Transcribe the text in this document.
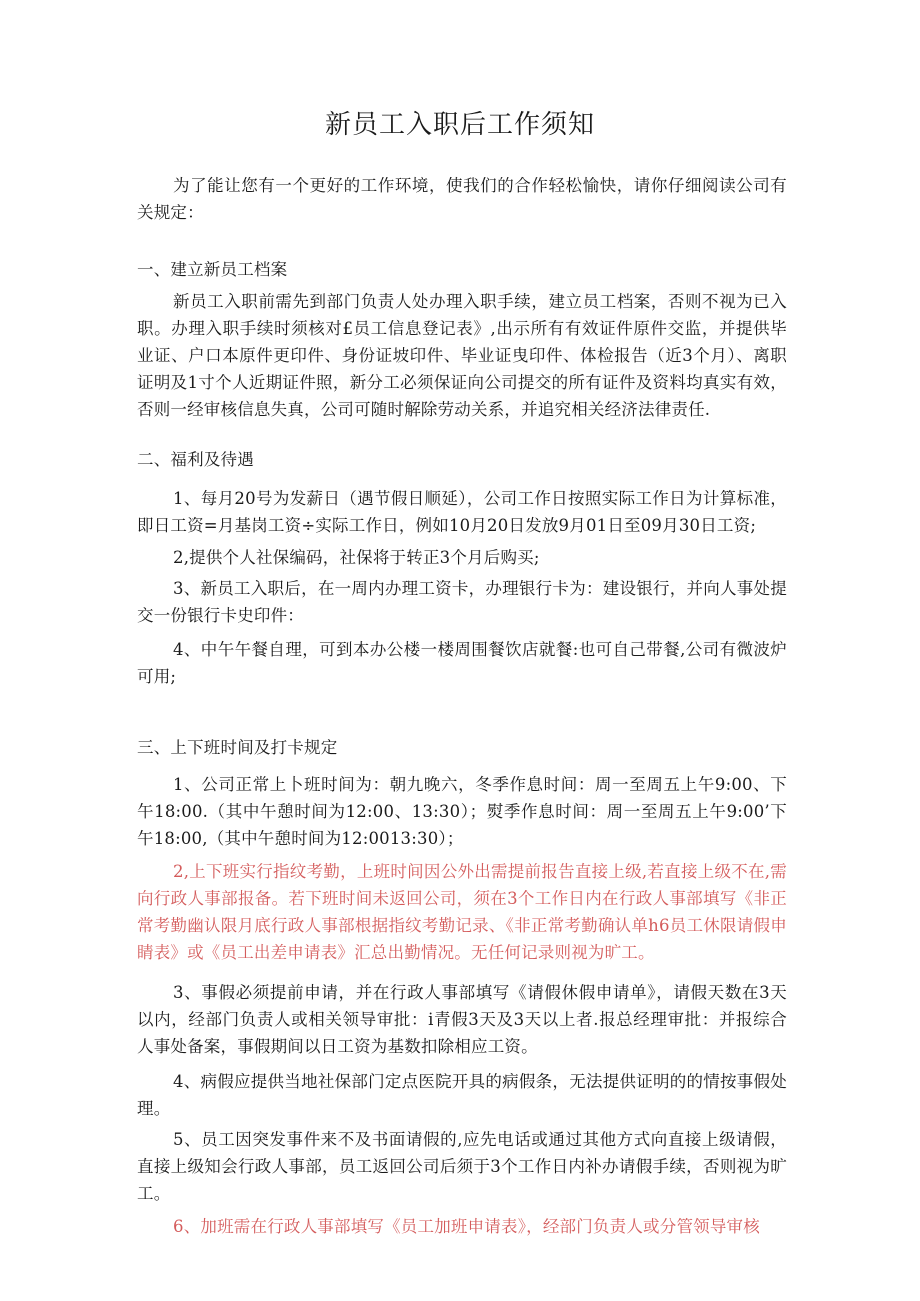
新员工入职后工作须知
为了能让您有一个更好的工作环境，使我们的合作轻松愉快，请你仔细阅读公司有关规定：
一、建立新员工档案
新员工入职前需先到部门负责人处办理入职手续，建立员工档案，否则不视为已入职。办理入职手续时须核对£员工信息登记表》,出示所有有效证件原件交监，并提供毕业证、户口本原件更印件、身份证坡印件、毕业证曳印件、体检报告（近3个月）、离职证明及1寸个人近期证件照，新分工必须保证向公司提交的所有证件及资料均真实有效，否则一经审核信息失真，公司可随时解除劳动关系，并追究相关经济法律责任.
二、福利及待遇
1、每月20号为发薪日（遇节假日顺延），公司工作日按照实际工作日为计算标准，即日工资=月基岗工资÷实际工作日，例如10月20日发放9月01日至09月30日工资;
2,提供个人社保编码，社保将于转正3个月后购买;
3、新员工入职后，在一周内办理工资卡，办理银行卡为：建设银行，并向人事处提交一份银行卡史印件：
4、中午午餐自理，可到本办公楼一楼周围餐饮店就餐:也可自己带餐,公司有微波炉可用;
三、上下班时间及打卡规定
1、公司正常上卜班时间为：朝九晚六，冬季作息时间：周一至周五上午9:00、下午18:00.（其中午憩时间为12:00、13:30）；熨季作息时间：周一至周五上午9:00’下午18:00,（其中午憩时间为12:0013:30）；
2,上下班实行指纹考勤，上班时间因公外出需提前报告直接上级,若直接上级不在,需向行政人事部报备。若下班时间未返回公司，须在3个工作日内在行政人事部填写《非正常考勤幽认限月底行政人事部根据指纹考勤记录、《非正常考勤确认单h6员工休限请假申睛表》或《员工出差申请表》汇总出勤情况。无任何记录则视为旷工。
3、事假必须提前申请，并在行政人事部填写《请假休假申请单》，请假天数在3天以内，经部门负责人或相关领导审批：i青假3天及3天以上者.报总经理审批：并报综合人事处备案，事假期间以日工资为基数扣除相应工资。
4、病假应提供当地社保部门定点医院开具的病假条，无法提供证明的的情按事假处理。
5、员工因突发事件来不及书面请假的,应先电话或通过其他方式向直接上级请假，直接上级知会行政人事部，员工返回公司后须于3个工作日内补办请假手续，否则视为旷工。
6、加班需在行政人事部填写《员工加班申请表》，经部门负责人或分管领导审核
